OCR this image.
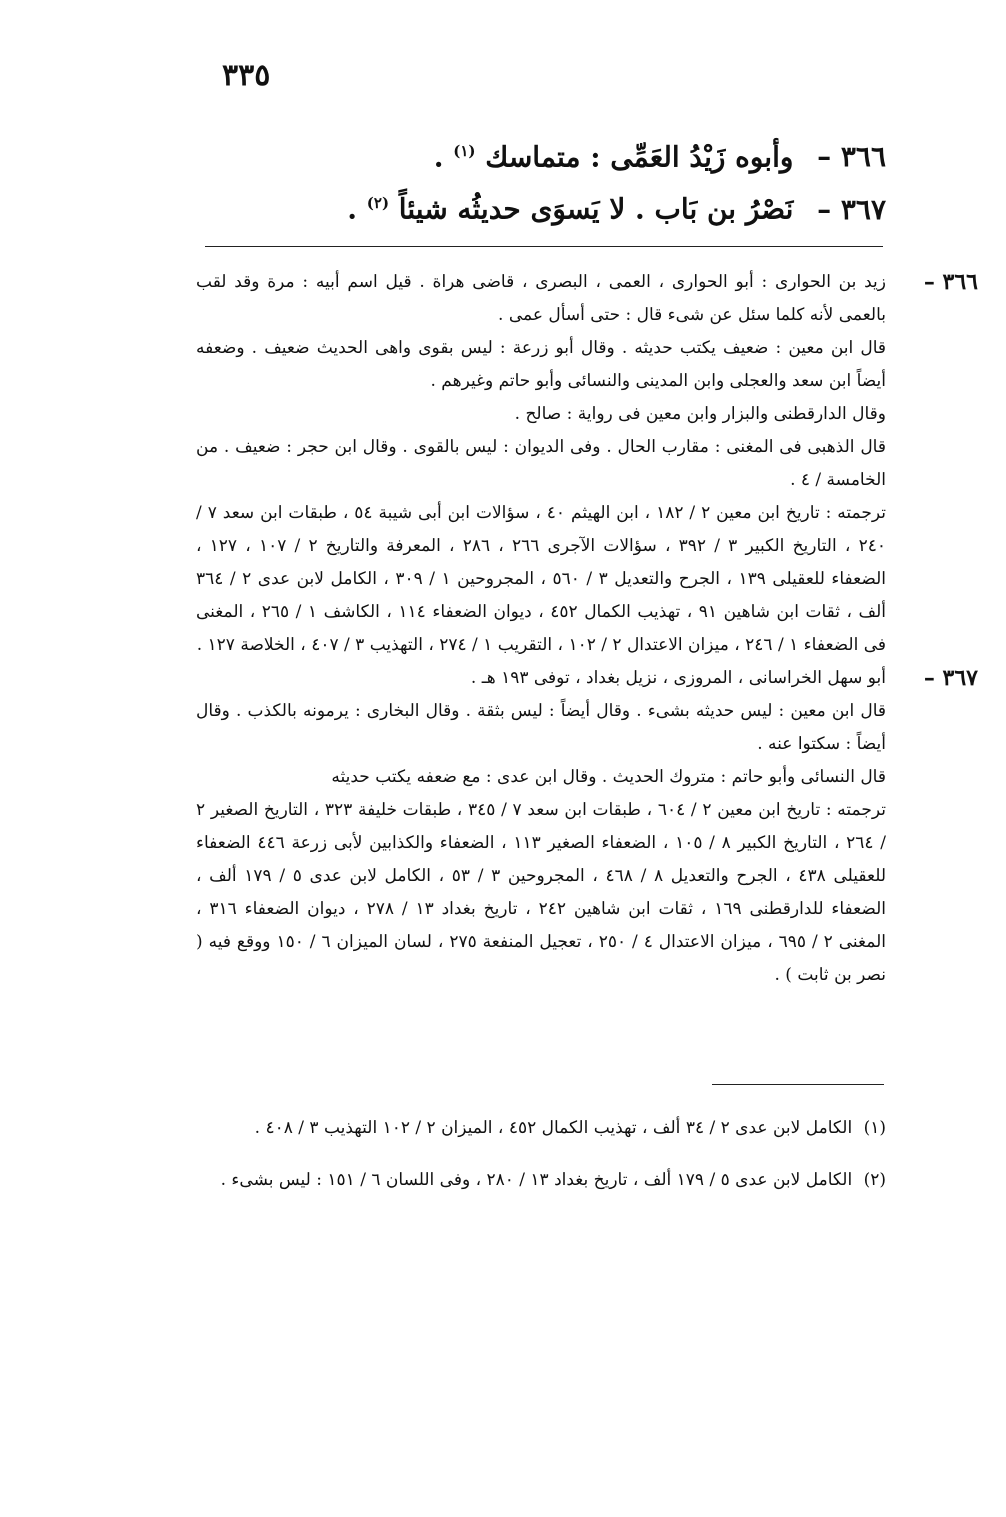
٣٣٥
٣٦٦ – وأبوه زَيْدُ العَمِّى : متماسك $^{(١)}$ .
٣٦٧ – نَصْرُ بن بَاب . لا يَسوَى حديثُه شيئاً $^{(٢)}$ .
٣٦٦ –

زيد بن الحوارى : أبو الحوارى ، العمى ، البصرى ، قاضى هراة . قيل اسم أبيه : مرة وقد لقب بالعمى لأنه كلما سئل عن شىء قال : حتى أسأل عمى .

قال ابن معين : ضعيف يكتب حديثه . وقال أبو زرعة : ليس بقوى واهى الحديث ضعيف . وضعفه أيضاً ابن سعد والعجلى وابن المدينى والنسائى وأبو حاتم وغيرهم .

وقال الدارقطنى والبزار وابن معين فى رواية : صالح .

قال الذهبى فى المغنى : مقارب الحال . وفى الديوان : ليس بالقوى . وقال ابن حجر : ضعيف . من الخامسة / ٤ .

ترجمته : تاريخ ابن معين ٢ / ١٨٢ ، ابن الهيثم ٤٠ ، سؤالات ابن أبى شيبة ٥٤ ، طبقات ابن سعد ٧ / ٢٤٠ ، التاريخ الكبير ٣ / ٣٩٢ ، سؤالات الآجرى ٢٦٦ ، ٢٨٦ ، المعرفة والتاريخ ٢ / ١٠٧ ، ١٢٧ ، الضعفاء للعقيلى ١٣٩ ، الجرح والتعديل ٣ / ٥٦٠ ، المجروحين ١ / ٣٠٩ ، الكامل لابن عدى ٢ / ٣٦٤ ألف ، ثقات ابن شاهين ٩١ ، تهذيب الكمال ٤٥٢ ، ديوان الضعفاء ١١٤ ، الكاشف ١ / ٢٦٥ ، المغنى فى الضعفاء ١ / ٢٤٦ ، ميزان الاعتدال ٢ / ١٠٢ ، التقريب ١ / ٢٧٤ ، التهذيب ٣ / ٤٠٧ ، الخلاصة ١٢٧ .

٣٦٧ –

أبو سهل الخراسانى ، المروزى ، نزيل بغداد ، توفى ١٩٣ هـ .

قال ابن معين : ليس حديثه بشىء . وقال أيضاً : ليس بثقة . وقال البخارى : يرمونه بالكذب . وقال أيضاً : سكتوا عنه .

قال النسائى وأبو حاتم : متروك الحديث . وقال ابن عدى : مع ضعفه يكتب حديثه

ترجمته : تاريخ ابن معين ٢ / ٦٠٤ ، طبقات ابن سعد ٧ / ٣٤٥ ، طبقات خليفة ٣٢٣ ، التاريخ الصغير ٢ / ٢٦٤ ، التاريخ الكبير ٨ / ١٠٥ ، الضعفاء الصغير ١١٣ ، الضعفاء والكذابين لأبى زرعة ٤٤٦ الضعفاء للعقيلى ٤٣٨ ، الجرح والتعديل ٨ / ٤٦٨ ، المجروحين ٣ / ٥٣ ، الكامل لابن عدى ٥ / ١٧٩ ألف ، الضعفاء للدارقطنى ١٦٩ ، ثقات ابن شاهين ٢٤٢ ، تاريخ بغداد ١٣ / ٢٧٨ ، ديوان الضعفاء ٣١٦ ، المغنى ٢ / ٦٩٥ ، ميزان الاعتدال ٤ / ٢٥٠ ، تعجيل المنفعة ٢٧٥ ، لسان الميزان ٦ / ١٥٠ ووقع فيه ( نصر بن ثابت ) .

(١) الكامل لابن عدى ٢ / ٣٤ ألف ، تهذيب الكمال ٤٥٢ ، الميزان ٢ / ١٠٢ التهذيب ٣ / ٤٠٨ .

(٢) الكامل لابن عدى ٥ / ١٧٩ ألف ، تاريخ بغداد ١٣ / ٢٨٠ ، وفى اللسان ٦ / ١٥١ : ليس بشىء .
